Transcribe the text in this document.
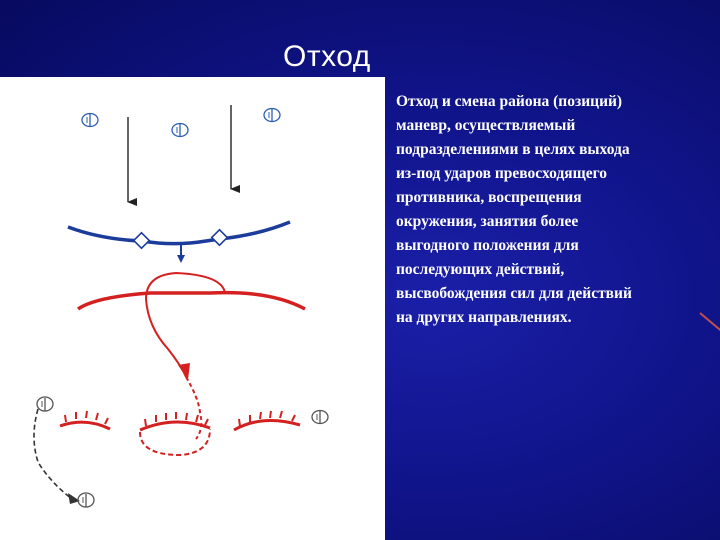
Отход
Отход и смена района (позиций)
маневр, осуществляемый
подразделениями в целях выхода
из-под ударов превосходящего
противника, воспрещения
окружения, занятия более
выгодного положения для
последующих действий,
высвобождения сил для действий
на других направлениях.
